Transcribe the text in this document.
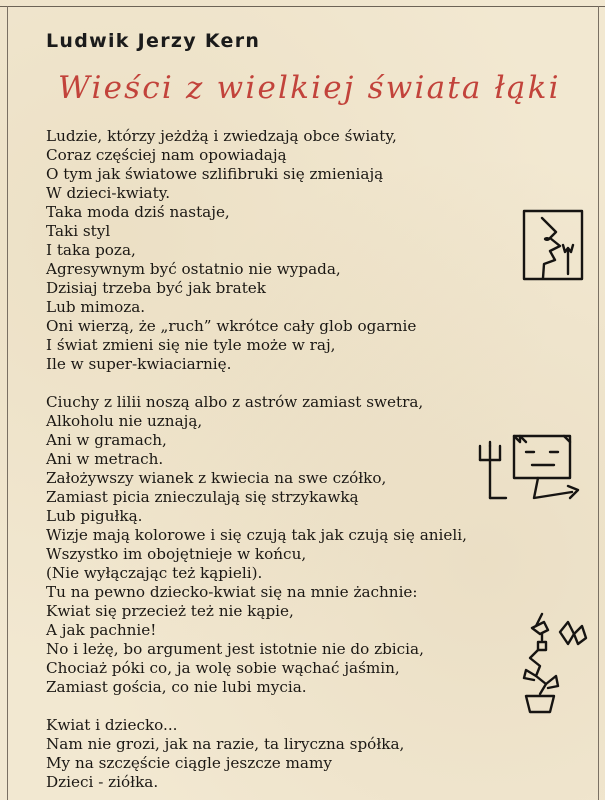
Ludwik Jerzy Kern
Wieści z wielkiej świata łąki
Ludzie, którzy jeżdżą i zwiedzają obce światy,
Coraz częściej nam opowiadają
O tym jak światowe szlifibruki się zmieniają
W dzieci-kwiaty.
Taka moda dziś nastaje,
Taki styl
I taka poza,
Agresywnym być ostatnio nie wypada,
Dzisiaj trzeba być jak bratek
Lub mimoza.
Oni wierzą, że „ruch” wkrótce cały glob ogarnie
I świat zmieni się nie tyle może w raj,
Ile w super-kwiaciarnię.
Ciuchy z lilii noszą albo z astrów zamiast swetra,
Alkoholu nie uznają,
Ani w gramach,
Ani w metrach.
Założywszy wianek z kwiecia na swe czółko,
Zamiast picia znieczulają się strzykawką
Lub pigułką.
Wizje mają kolorowe i się czują tak jak czują się anieli,
Wszystko im obojętnieje w końcu,
(Nie wyłączając też kąpieli).
Tu na pewno dziecko-kwiat się na mnie żachnie:
Kwiat się przecież też nie kąpie,
A jak pachnie!
No i leżę, bo argument jest istotnie nie do zbicia,
Chociaż póki co, ja wolę sobie wąchać jaśmin,
Zamiast gościa, co nie lubi mycia.
Kwiat i dziecko...
Nam nie grozi, jak na razie, ta liryczna spółka,
My na szczęście ciągle jeszcze mamy
Dzieci - ziółka.
